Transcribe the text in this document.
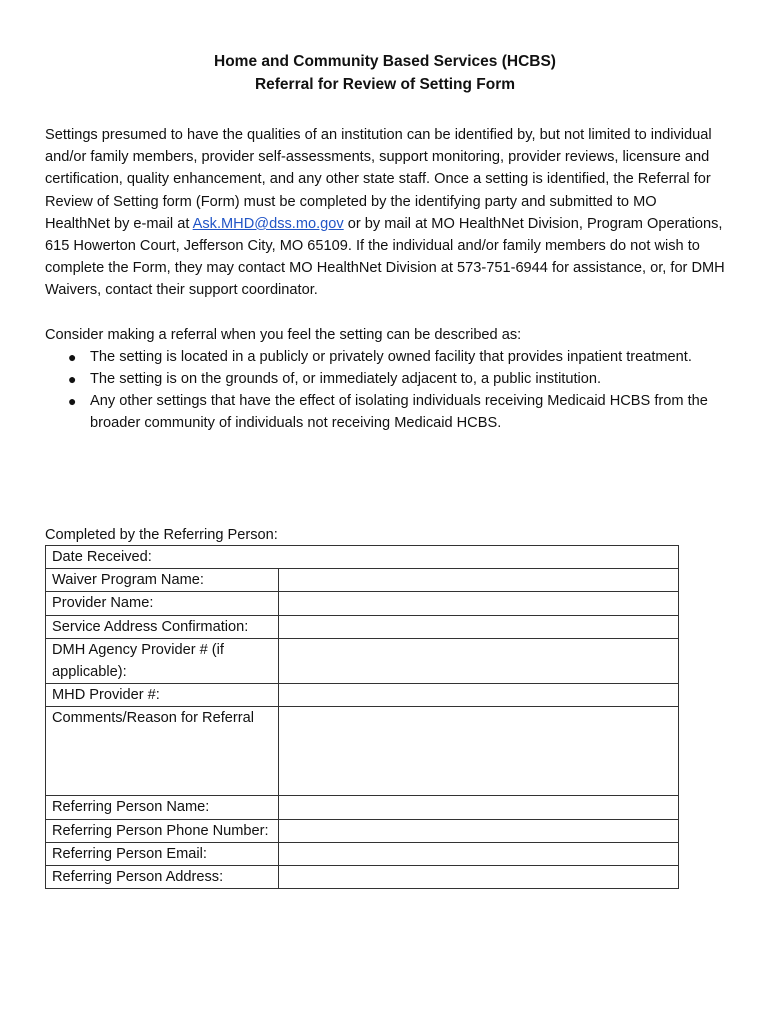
Home and Community Based Services (HCBS)
Referral for Review of Setting Form

Settings presumed to have the qualities of an institution can be identified by, but not limited to individual and/or family members, provider self-assessments, support monitoring, provider reviews, licensure and certification, quality enhancement, and any other state staff. Once a setting is identified, the Referral for Review of Setting form (Form) must be completed by the identifying party and submitted to MO HealthNet by e-mail at Ask.MHD@dss.mo.gov or by mail at MO HealthNet Division, Program Operations, 615 Howerton Court, Jefferson City, MO 65109. If the individual and/or family members do not wish to complete the Form, they may contact MO HealthNet Division at 573-751-6944 for assistance, or, for DMH Waivers, contact their support coordinator.

Consider making a referral when you feel the setting can be described as:

● The setting is located in a publicly or privately owned facility that provides inpatient treatment.
● The setting is on the grounds of, or immediately adjacent to, a public institution.
● Any other settings that have the effect of isolating individuals receiving Medicaid HCBS from the broader community of individuals not receiving Medicaid HCBS.
Completed by the Referring Person:
Date Received:	
Waiver Program Name:	
Provider Name:	
Service Address Confirmation:	
DMH Agency Provider # (if applicable):	
MHD Provider #:	
Comments/Reason for Referral	
Referring Person Name:	
Referring Person Phone Number:	
Referring Person Email:	
Referring Person Address:	
